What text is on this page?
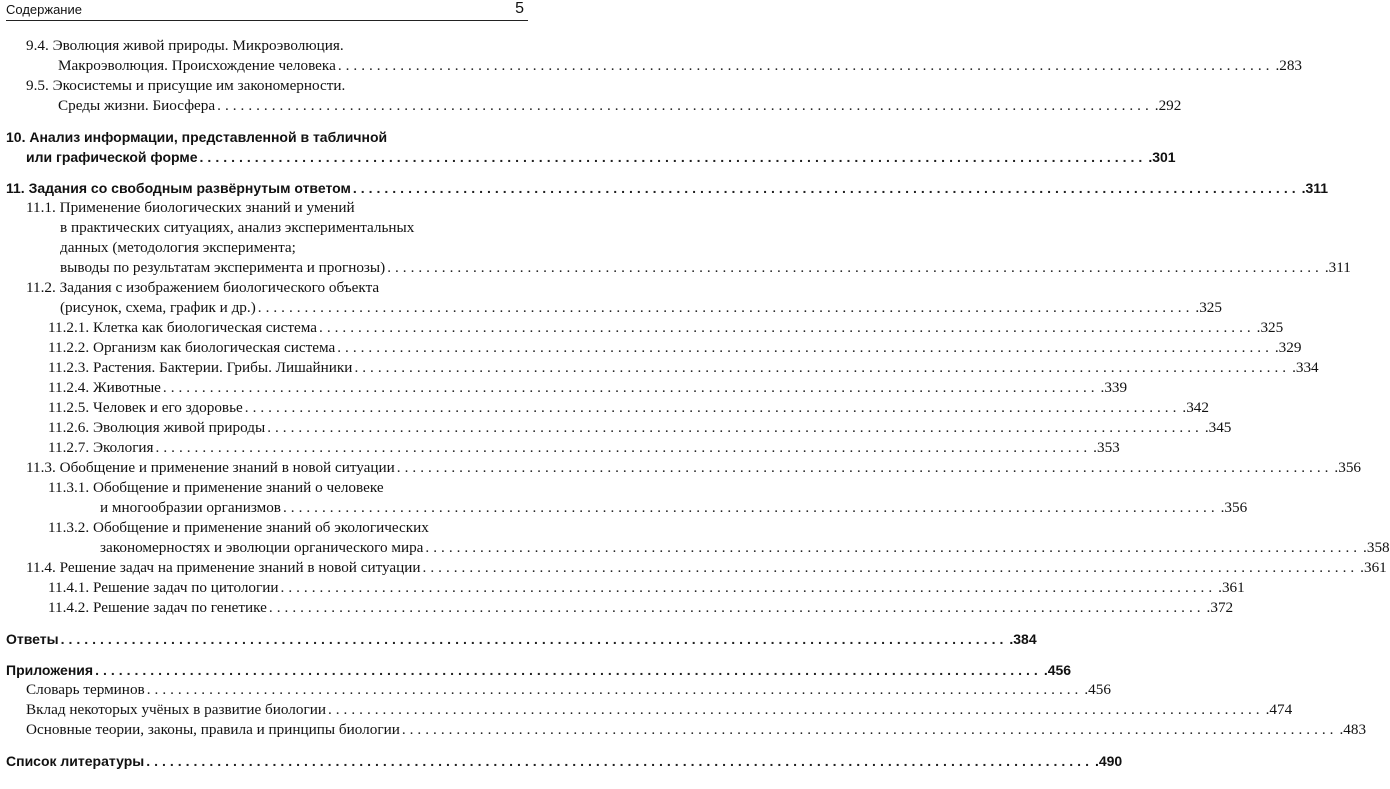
Содержание	5
9.4. Эволюция живой природы. Микроэволюция.
Макроэволюция. Происхождение человека ........................................................................................................................ .283
9.5. Экосистемы и присущие им закономерности.
Среды жизни. Биосфера ........................................................................................................................ .292
10. Анализ информации, представленной в табличной
или графической форме ........................................................................................................................ .301
11. Задания со свободным развёрнутым ответом ........................................................................................................................ .311
11.1. Применение биологических знаний и умений
в практических ситуациях, анализ экспериментальных
данных (методология эксперимента;
выводы по результатам эксперимента и прогнозы) ........................................................................................................................ .311
11.2. Задания с изображением биологического объекта
(рисунок, схема, график и др.) ........................................................................................................................ .325
11.2.1. Клетка как биологическая система ........................................................................................................................ .325
11.2.2. Организм как биологическая система ........................................................................................................................ .329
11.2.3. Растения. Бактерии. Грибы. Лишайники ........................................................................................................................ .334
11.2.4. Животные ........................................................................................................................ .339
11.2.5. Человек и его здоровье ........................................................................................................................ .342
11.2.6. Эволюция живой природы ........................................................................................................................ .345
11.2.7. Экология ........................................................................................................................ .353
11.3. Обобщение и применение знаний в новой ситуации ........................................................................................................................ .356
11.3.1. Обобщение и применение знаний о человеке
и многообразии организмов ........................................................................................................................ .356
11.3.2. Обобщение и применение знаний об экологических
закономерностях и эволюции органического мира ........................................................................................................................ .358
11.4. Решение задач на применение знаний в новой ситуации ........................................................................................................................ .361
11.4.1. Решение задач по цитологии ........................................................................................................................ .361
11.4.2. Решение задач по генетике ........................................................................................................................ .372
Ответы ........................................................................................................................ .384
Приложения ........................................................................................................................ .456
Словарь терминов ........................................................................................................................ .456
Вклад некоторых учёных в развитие биологии ........................................................................................................................ .474
Основные теории, законы, правила и принципы биологии ........................................................................................................................ .483
Список литературы ........................................................................................................................ .490
